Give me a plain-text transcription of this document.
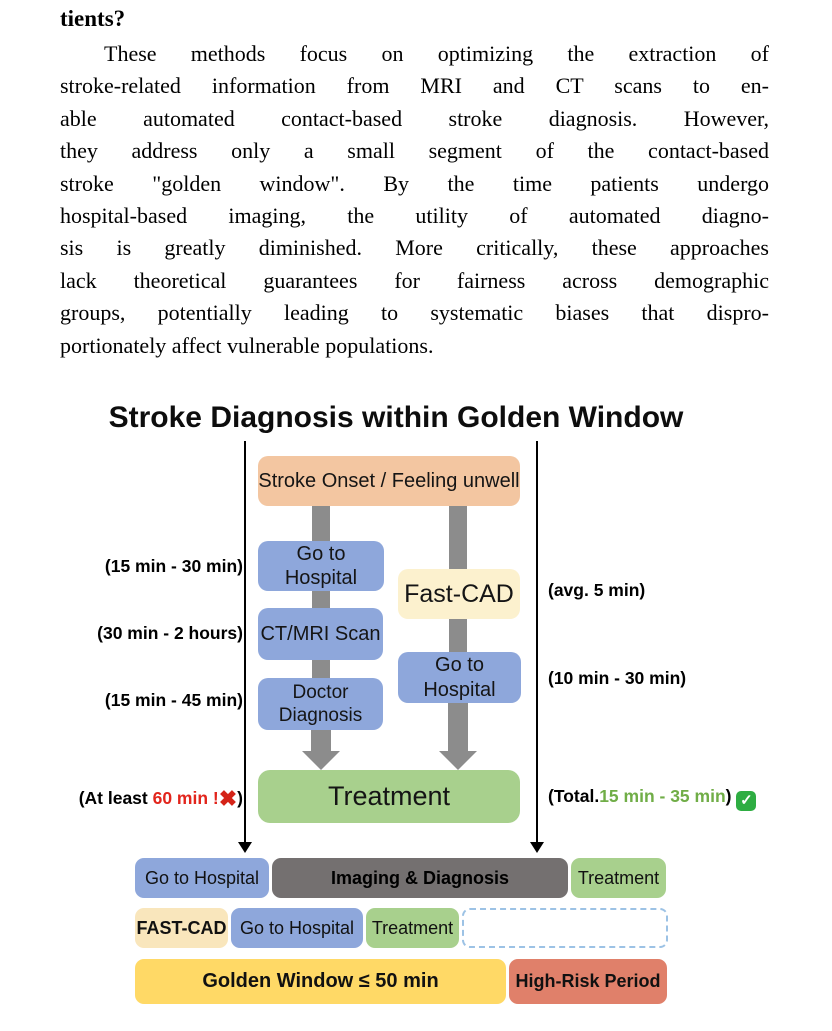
tients?
These methods focus on optimizing the extraction of
stroke-related information from MRI and CT scans to en-
able automated contact-based stroke diagnosis. However,
they address only a small segment of the contact-based
stroke "golden window". By the time patients undergo
hospital-based imaging, the utility of automated diagno-
sis is greatly diminished. More critically, these approaches
lack theoretical guarantees for fairness across demographic
groups, potentially leading to systematic biases that dispro-
portionately affect vulnerable populations.
Stroke Diagnosis within Golden Window
Stroke Onset / Feeling unwell
Go to Hospital
CT/MRI Scan
Doctor Diagnosis
Fast-CAD
Go to Hospital
Treatment
(15 min - 30 min)
(30 min - 2 hours)
(15 min - 45 min)
(At least 60 min !✖)
(avg. 5 min)
(10 min - 30 min)
(Total.15 min - 35 min) ✓
Go to Hospital	Imaging & Diagnosis	Treatment
FAST-CAD Go to Hospital Treatment
Golden Window ≤ 50 min	High-Risk Period
